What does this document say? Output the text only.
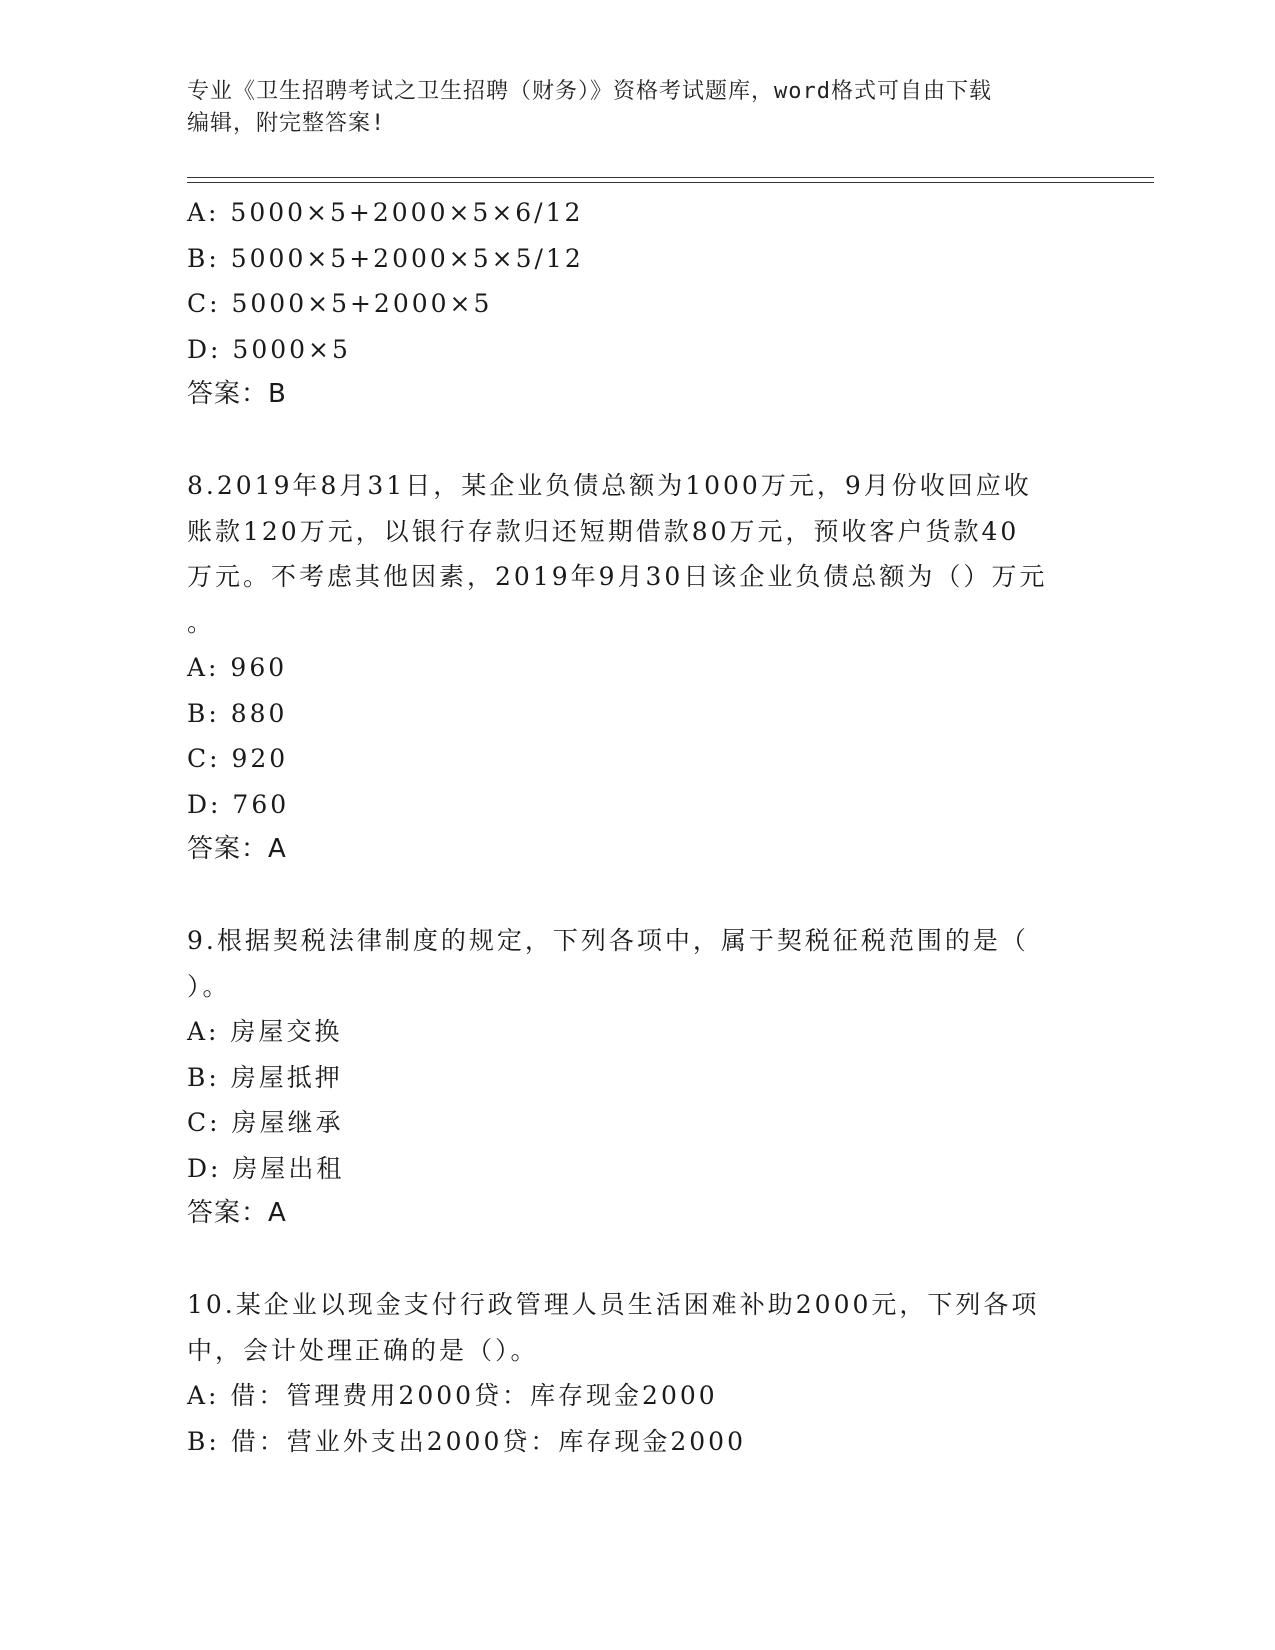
专业《卫生招聘考试之卫生招聘（财务）》资格考试题库，word格式可自由下载
编辑，附完整答案!
A: 5000×5+2000×5×6/12
B: 5000×5+2000×5×5/12
C: 5000×5+2000×5
D: 5000×5
答案：B
8.2019年8月31日，某企业负债总额为1000万元，9月份收回应收
账款120万元，以银行存款归还短期借款80万元，预收客户货款40
万元。不考虑其他因素，2019年9月30日该企业负债总额为（）万元
。
A: 960
B: 880
C: 920
D: 760
答案：A
9.根据契税法律制度的规定，下列各项中，属于契税征税范围的是（
）。
A: 房屋交换
B: 房屋抵押
C: 房屋继承
D: 房屋出租
答案：A
10.某企业以现金支付行政管理人员生活困难补助2000元，下列各项
中，会计处理正确的是（）。
A: 借：管理费用2000贷：库存现金2000
B: 借：营业外支出2000贷：库存现金2000
